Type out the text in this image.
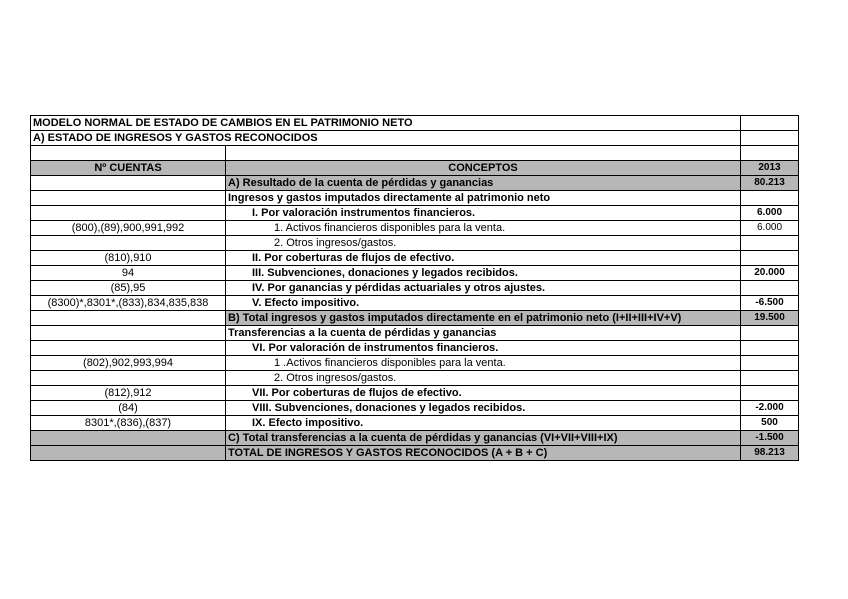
MODELO NORMAL DE ESTADO DE CAMBIOS EN EL PATRIMONIO NETO		
A) ESTADO DE INGRESOS Y GASTOS RECONOCIDOS		

Nº CUENTAS	CONCEPTOS	2013
	A) Resultado de la cuenta de pérdidas y ganancias	80.213
	Ingresos y gastos imputados directamente al patrimonio neto	
	I. Por valoración instrumentos financieros.	6.000
(800),(89),900,991,992	1. Activos financieros disponibles para la venta.	6.000
	2. Otros ingresos/gastos.	
(810),910	II. Por coberturas de flujos de efectivo.	
94	III. Subvenciones, donaciones y legados recibidos.	20.000
(85),95	IV. Por ganancias y pérdidas actuariales y otros ajustes.	
(8300)*,8301*,(833),834,835,838	V. Efecto impositivo.	-6.500
	B) Total ingresos y gastos imputados directamente en el patrimonio neto (I+II+III+IV+V)	19.500
	Transferencias a la cuenta de pérdidas y ganancias	
	VI. Por valoración de instrumentos financieros.	
(802),902,993,994	1 .Activos financieros disponibles para la venta.	
	2. Otros ingresos/gastos.	
(812),912	VII. Por coberturas de flujos de efectivo.	
(84)	VIII. Subvenciones, donaciones y legados recibidos.	-2.000
8301*,(836),(837)	IX. Efecto impositivo.	500
	C) Total transferencias a la cuenta de pérdidas y ganancias (VI+VII+VIII+IX)	-1.500
	TOTAL DE INGRESOS Y GASTOS RECONOCIDOS (A + B + C)	98.213
